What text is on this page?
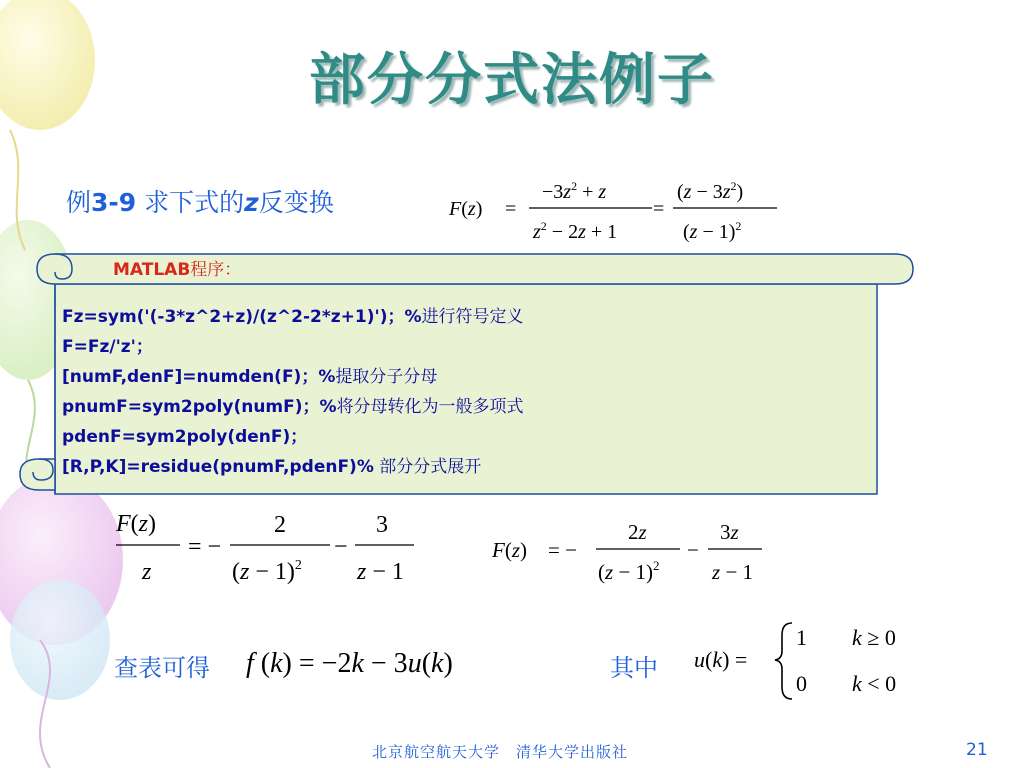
部分分式法例子
例3-9 求下式的z反变换	F(z) =
$-3z^2 + z$
$z^2 - 2z + 1$
=
$(z - 3z^2)$
$(z - 1)^2$
MATLAB程序：
Fz=sym('(-3*z^2+z)/(z^2-2*z+1)')；%进行符号定义
F=Fz/'z'；
[numF,denF]=numden(F)；%提取分子分母
pnumF=sym2poly(numF)；%将分母转化为一般多项式
pdenF=sym2poly(denF)；
[R,P,K]=residue(pnumF,pdenF)% 部分分式展开
F(z)
z
= −
2
$(z - 1)^2$
−
3
z − 1
F(z) = −
2z
$(z - 1)^2$
−
3z
z − 1
查表可得 f (k) = −2k − 3u(k)	其中 u(k) =
1 k ≥ 0
0 k < 0
北京航空航天大学　清华大学出版社	21
